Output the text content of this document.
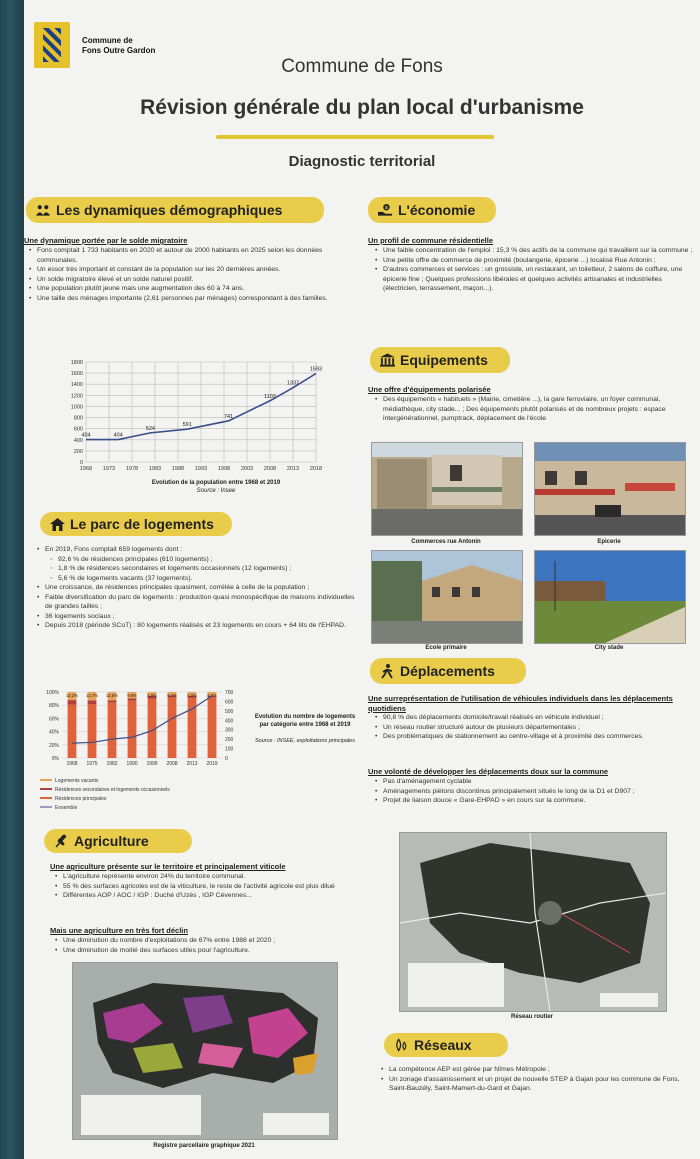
Commune de
Fons Outre Gardon
Commune de Fons
Révision générale du plan local d'urbanisme
Diagnostic territorial
Les dynamiques démographiques
Une dynamique portée par le solde migratoire
• Fons comptait 1 733 habitants en 2020 et autour de 2000 habitants en 2025 selon les données communales.
• Un essor très important et constant de la population sur les 20 dernières années.
• Un solde migratoire élevé et un solde naturel positif.
• Une population plutôt jeune mais une augmentation des 60 à 74 ans.
• Une taille des ménages importante (2,61 personnes par ménages) correspondant à des familles.
0
200
400
600
800
1000
1200
1400
1600
1800
1968 1973 1978 1983 1988 1993 1998 2003 2008 2013 2018
404	404
524
591
741
1102
1337
1593
Evolution de la population entre 1968 et 2019
Source : Insee
Le parc de logements
• En 2019, Fons comptait 659 logements dont :
◦ 92,6 % de résidences principales (610 logements) ;
◦ 1,8 % de résidences secondaires et logements occasionnels (12 logements) ;
◦ 5,6 % de logements vacants (37 logements).
• Une croissance, de résidences principales quasiment, corrélée à celle de la population ;
• Faible diversification du parc de logements : production quasi monospécifique de maisons individuelles de grandes tailles ;
• 36 logements sociaux ;
• Depuis 2018 (période SCoT) : 80 logements réalisés et 23 logements en cours + 64 lits de l'EHPAD.
0%
20%
40%
60%
80%
100%
0
100
200
300
400
500
600
700
12,2%
1968
12,7%
1975
12,5%
1982
9,6%
1990
5,9%
1999
5,2%
2008
6,0%
2013
5,6%
2019
Logements vacants
Résidences secondaires et logements occasionnels
Résidences principales
Ensemble
Evolution du nombre de logements par catégorie entre 1968 et 2019
Source : INSEE, exploitations principales
Agriculture
Une agriculture présente sur le territoire et principalement viticole
• L'agriculture représente environ 24% du territoire communal.
• 55 % des surfaces agricoles est de la viticulture, le reste de l'activité agricole est plus dilué
• Différentes AOP / AOC / IGP : Duché d'Uzès , IGP Cévennes...
Mais une agriculture en très fort déclin
• Une diminution du nombre d'exploitations de 67% entre 1988 et 2020 ;
• Une diminution de moitié des surfaces utiles pour l'agriculture.
Registre parcellaire graphique 2021
$ L'économie
Un profil de commune résidentielle
• Une faible concentration de l'emploi : 15,3 % des actifs de la commune qui travaillent sur la commune ;
• Une petite offre de commerce de proximité (boulangerie, épicerie ...) localisé Rue Antonin ;
• D'autres commerces et services : un grossiste, un restaurant, un toiletteur, 2 salons de coiffure, une épicerie fine ; Quelques professions libérales et quelques activités artisanales et industrielles (électricien, terrassement, maçon...).
Equipements
Une offre d'équipements polarisée
• Des équipements « habituels » (Mairie, cimetière ...), la gare ferroviaire, un foyer communal, médiathèque, city stade... ; Des équipements plutôt polarisés et de nombreux projets : espace intergénérationnel, pumptrack, déplacement de l'école
Commerces rue Antonin	Epicerie
Ecole primaire	City stade
Déplacements
Une surreprésentation de l'utilisation de véhicules individuels dans les déplacements quotidiens
• 90,8 % des déplacements domicile/travail réalisés en véhicule individuel ;
• Un réseau routier structuré autour de plusieurs départementales ;
• Des problématiques de stationnement au centre-village et à proximité des commerces.
Une volonté de développer les déplacements doux sur la commune
• Pas d'aménagement cyclable
• Aménagements piétons discontinus principalement situés le long de la D1 et D907 ;
• Projet de liaison douce « Gare-EHPAD » en cours sur la commune.
Réseau routier
Réseaux
• La compétence AEP est gérée par Nîmes Métropole ;
• Un zonage d'assainissement et un projet de nouvelle STEP à Gajan pour les commune de Fons, Saint-Bauzély, Saint-Mamert-du-Gard et Gajan.
